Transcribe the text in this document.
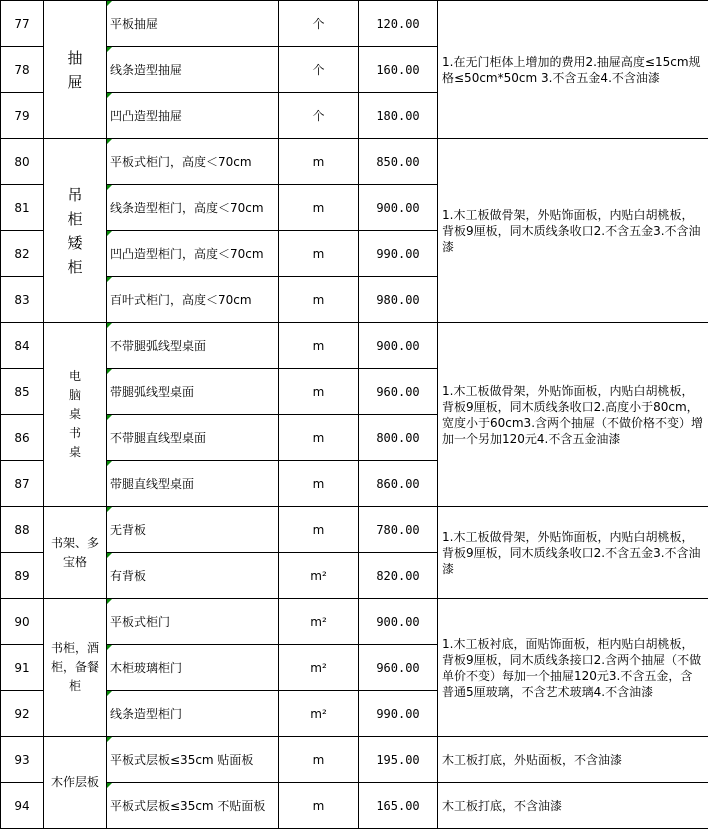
77	抽屉	平板抽屉	个	120.00	1.在无门柜体上增加的费用2.抽屉高度≤15cm规格≤50cm*50cm 3.不含五金4.不含油漆
78		线条造型抽屉	个	160.00	
79		凹凸造型抽屉	个	180.00	
80	吊柜 矮柜	平板式柜门，高度＜70cm	m	850.00	1.木工板做骨架，外贴饰面板，内贴白胡桃板，背板9厘板，同木质线条收口2.不含五金3.不含油漆
81		线条造型柜门，高度＜70cm	m	900.00	
82		凹凸造型柜门，高度＜70cm	m	990.00	
83		百叶式柜门，高度＜70cm	m	980.00	
84	电脑桌 书桌	不带腿弧线型桌面	m	900.00	1.木工板做骨架，外贴饰面板，内贴白胡桃板，背板9厘板，同木质线条收口2.高度小于80cm，宽度小于60cm3.含两个抽屉（不做价格不变）增加一个另加120元4.不含五金油漆
85		带腿弧线型桌面	m	960.00	
86		不带腿直线型桌面	m	800.00	
87		带腿直线型桌面	m	860.00	
88	书架、多宝格	无背板	m	780.00	1.木工板做骨架，外贴饰面板，内贴白胡桃板，背板9厘板，同木质线条收口2.不含五金3.不含油漆
89		有背板	m²	820.00	
90	书柜，酒柜，备餐柜	平板式柜门	m²	900.00	1.木工板衬底，面贴饰面板，柜内贴白胡桃板，背板9厘板，同木质线条接口2.含两个抽屉（不做单价不变）每加一个抽屉120元3.不含五金，含普通5厘玻璃，不含艺术玻璃4.不含油漆
91		木柜玻璃柜门	m²	960.00	
92		线条造型柜门	m²	990.00	
93	木作层板	平板式层板≤35cm 贴面板	m	195.00	木工板打底，外贴面板，不含油漆
94		平板式层板≤35cm 不贴面板	m	165.00	木工板打底，不含油漆
